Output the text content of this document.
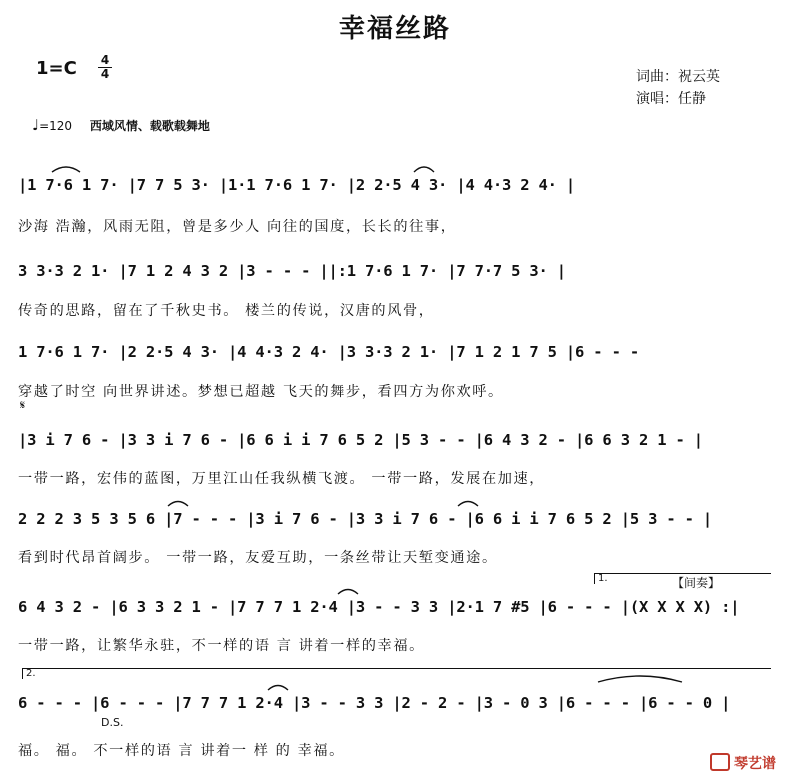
幸福丝路
1=C 4
4	词曲：祝云英
演唱：任静
♩=120 西域风情、载歌载舞地
|1 7·6 1 7· |7 7 5 3· |1·1 7·6 1 7· |2 2·5 4 3· |4 4·3 2 4· |
沙海 浩瀚，风雨无阻，曾是多少人 向往的国度，长长的往事，
3 3·3 2 1· |7 1 2 4 3 2 |3 - - - ||:1 7·6 1 7· |7 7·7 5 3· |
传奇的思路，留在了千秋史书。 楼兰的传说，汉唐的风骨，
1 7·6 1 7· |2 2·5 4 3· |4 4·3 2 4· |3 3·3 2 1· |7 1 2 1 7 5 |6 - - -
穿越了时空 向世界讲述。梦想已超越 飞天的舞步，看四方为你欢呼。
𝄋
|3 i 7 6 - |3 3 i 7 6 - |6 6 i i 7 6 5 2 |5 3 - - |6 4 3 2 - |6 6 3 2 1 - |
一带一路，宏伟的蓝图，万里江山任我纵横飞渡。 一带一路，发展在加速，
2 2 2 3 5 3 5 6 |7 - - - |3 i 7 6 - |3 3 i 7 6 - |6 6 i i 7 6 5 2 |5 3 - - |
看到时代昂首阔步。 一带一路，友爱互助，一条丝带让天堑变通途。
1.	【间奏】
6 4 3 2 - |6 3 3 2 1 - |7 7 7 1 2·4 |3 - - 3 3 |2·1 7 #5 |6 - - - |(X X X X) :|
一带一路，让繁华永驻，不一样的语 言 讲着一样的幸福。
2.
6 - - - |6 - - - |7 7 7 1 2·4 |3 - - 3 3 |2 - 2 - |3 - 0 3 |6 - - - |6 - - 0 |
D.S.
福。 福。 不一样的语 言 讲着一 样 的 幸福。
琴艺谱
